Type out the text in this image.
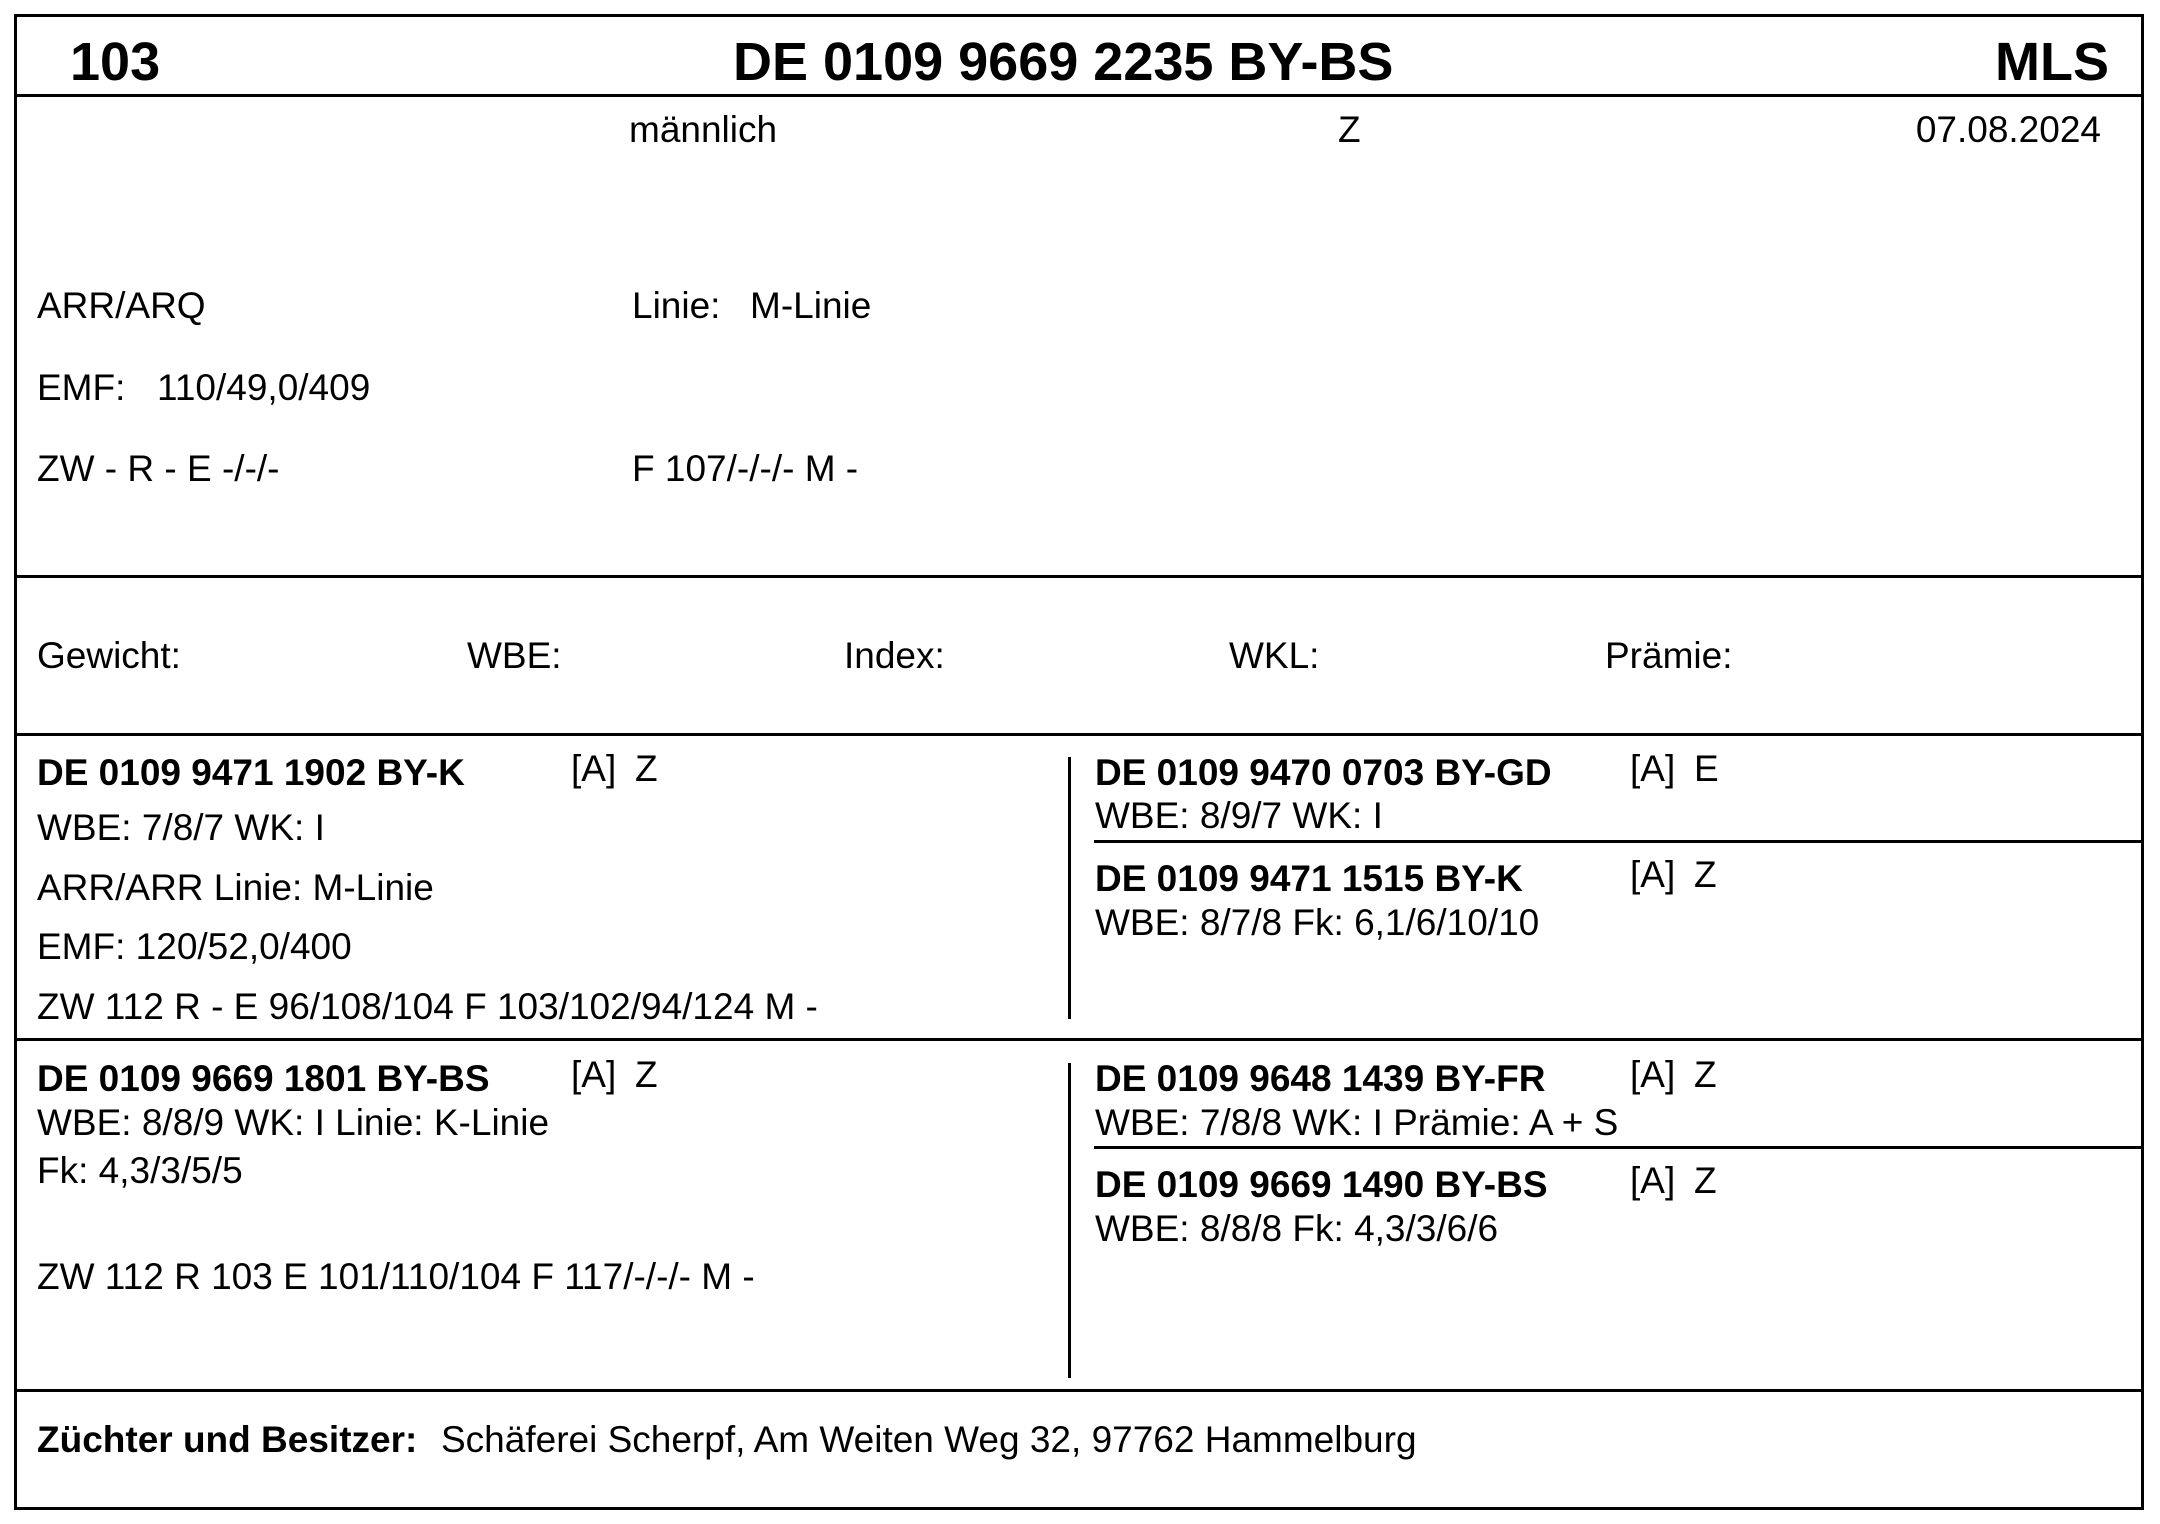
103	DE 0109 9669 2235 BY-BS	MLS
männlich	Z	07.08.2024
ARR/ARQ	Linie: M-Linie
EMF: 110/49,0/409
ZW - R - E -/-/-	F 107/-/-/- M -
Gewicht:	WBE:	Index:	WKL:	Prämie:
DE 0109 9471 1902 BY-K	[A] Z
WBE: 7/8/7 WK: I
ARR/ARR Linie: M-Linie
EMF: 120/52,0/400
ZW 112 R - E 96/108/104 F 103/102/94/124 M -
DE 0109 9470 0703 BY-GD [A] E
WBE: 8/9/7 WK: I
DE 0109 9471 1515 BY-K	[A] Z
WBE: 8/7/8 Fk: 6,1/6/10/10
DE 0109 9669 1801 BY-BS [A] Z
WBE: 8/8/9 WK: I Linie: K-Linie
Fk: 4,3/3/5/5
ZW 112 R 103 E 101/110/104 F 117/-/-/- M -
DE 0109 9648 1439 BY-FR [A] Z
WBE: 7/8/8 WK: I Prämie: A + S
DE 0109 9669 1490 BY-BS [A] Z
WBE: 8/8/8 Fk: 4,3/3/6/6
Züchter und Besitzer: Schäferei Scherpf, Am Weiten Weg 32, 97762 Hammelburg
